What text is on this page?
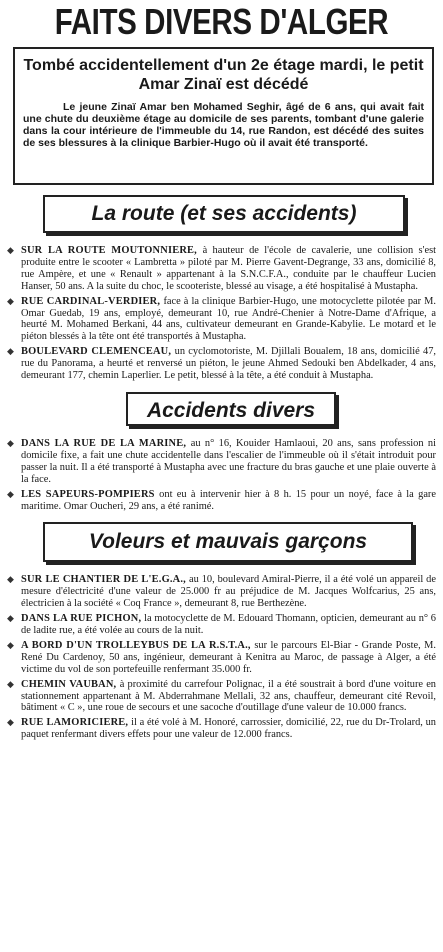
FAITS DIVERS D'ALGER
Tombé accidentellement d'un 2e étage mardi, le petit Amar Zinaï est décédé
Le jeune Zinaï Amar ben Mohamed Seghir, âgé de 6 ans, qui avait fait une chute du deuxième étage au domicile de ses parents, tombant d'une galerie dans la cour intérieure de l'immeuble du 14, rue Randon, est décédé des suites de ses blessures à la clinique Barbier-Hugo où il avait été transporté.
La route (et ses accidents)
◆ SUR LA ROUTE MOUTONNIERE, à hauteur de l'école de cavalerie, une collision s'est produite entre le scooter « Lambretta » piloté par M. Pierre Gavent-Degrange, 33 ans, domicilié 8, rue Ampère, et une « Renault » appartenant à la S.N.C.F.A., conduite par le chauffeur Lucien Hanser, 50 ans. A la suite du choc, le scooteriste, blessé au visage, a été hospitalisé à Mustapha.
◆ RUE CARDINAL-VERDIER, face à la clinique Barbier-Hugo, une motocyclette pilotée par M. Omar Guedab, 19 ans, employé, demeurant 10, rue André-Chenier à Notre-Dame d'Afrique, a heurté M. Mohamed Berkani, 44 ans, cultivateur demeurant en Grande-Kabylie. Le motard et le piéton blessés à la tête ont été transportés à Mustapha.
◆ BOULEVARD CLEMENCEAU, un cyclomotoriste, M. Djillali Boualem, 18 ans, domicilié 47, rue du Panorama, a heurté et renversé un piéton, le jeune Ahmed Sedouki ben Abdelkader, 4 ans, demeurant 177, chemin Laperlier. Le petit, blessé à la tête, a été conduit à Mustapha.
Accidents divers
◆ DANS LA RUE DE LA MARINE, au n° 16, Kouider Hamlaoui, 20 ans, sans profession ni domicile fixe, a fait une chute accidentelle dans l'escalier de l'immeuble où il s'était introduit pour passer la nuit. Il a été transporté à Mustapha avec une fracture du bras gauche et une plaie ouverte à la face.
◆ LES SAPEURS-POMPIERS ont eu à intervenir hier à 8 h. 15 pour un noyé, face à la gare maritime. Omar Oucheri, 29 ans, a été ranimé.
Voleurs et mauvais garçons
◆ SUR LE CHANTIER DE L'E.G.A., au 10, boulevard Amiral-Pierre, il a été volé un appareil de mesure d'électricité d'une valeur de 25.000 fr au préjudice de M. Jacques Wolfcarius, 25 ans, électricien à la société « Coq France », demeurant 8, rue Berthezène.
◆ DANS LA RUE PICHON, la motocyclette de M. Edouard Thomann, opticien, demeurant au n° 6 de ladite rue, a été volée au cours de la nuit.
◆ A BORD D'UN TROLLEYBUS DE LA R.S.T.A., sur le parcours El-Biar - Grande Poste, M. René Du Cardenoy, 50 ans, ingénieur, demeurant à Kenitra au Maroc, de passage à Alger, a été victime du vol de son portefeuille renfermant 35.000 fr.
◆ CHEMIN VAUBAN, à proximité du carrefour Polignac, il a été soustrait à bord d'une voiture en stationnement appartenant à M. Abderrahmane Mellali, 32 ans, chauffeur, demeurant cité Revoil, bâtiment « C », une roue de secours et une sacoche d'outillage d'une valeur de 10.000 francs.
◆ RUE LAMORICIERE, il a été volé à M. Honoré, carrossier, domicilié, 22, rue du Dr-Trolard, un paquet renfermant divers effets pour une valeur de 12.000 francs.
